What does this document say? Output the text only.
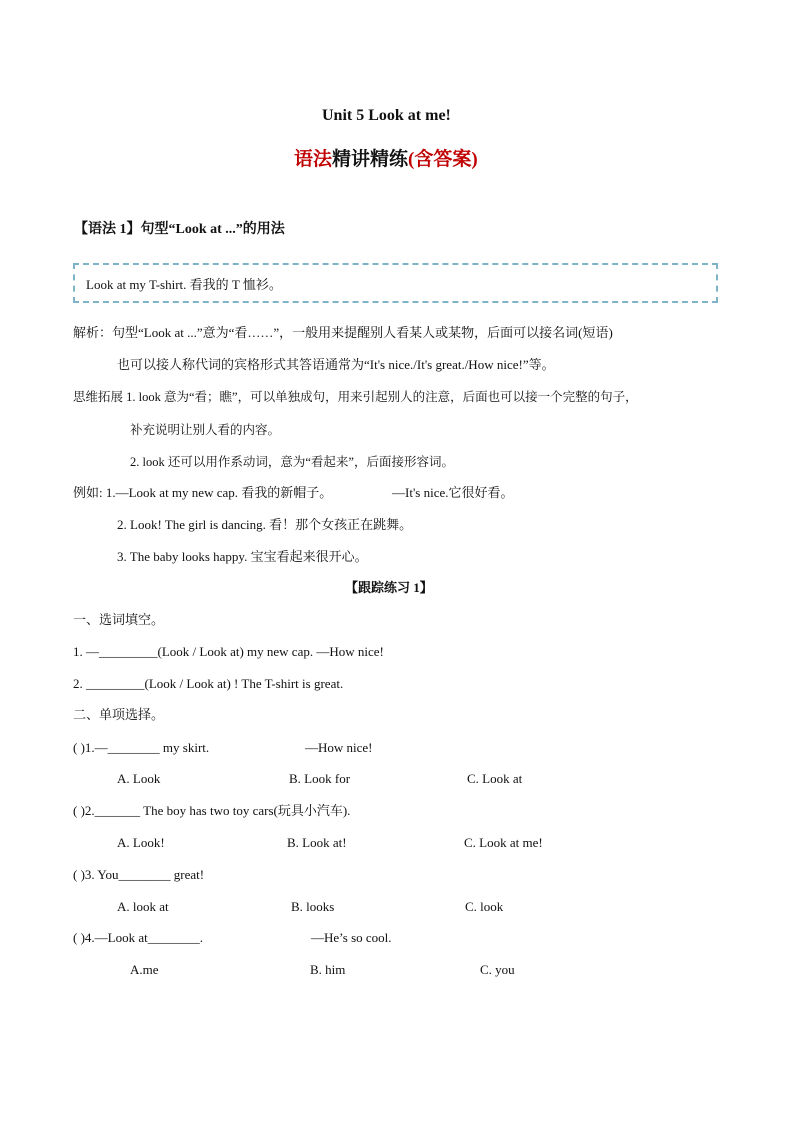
Unit 5 Look at me!
语法精讲精练(含答案)
【语法 1】句型“Look at ...”的用法
Look at my T-shirt. 看我的 T 恤衫。
解析：句型“Look at ...”意为“看……”，一般用来提醒别人看某人或某物，后面可以接名词(短语)
也可以接人称代词的宾格形式其答语通常为“It's nice./It's great./How nice!”等。
思维拓展 1. look 意为“看；瞧”，可以单独成句，用来引起别人的注意，后面也可以接一个完整的句子，
补充说明让别人看的内容。
2. look 还可以用作系动词，意为“看起来”，后面接形容词。
例如: 1.—Look at my new cap. 看我的新帽子。	—It's nice.它很好看。
2. Look! The girl is dancing. 看！那个女孩正在跳舞。
3. The baby looks happy. 宝宝看起来很开心。
【跟踪练习 1】
一、选词填空。
1. —_________(Look / Look at) my new cap. —How nice!
2. _________(Look / Look at) ! The T-shirt is great.
二、单项选择。
( )1.—________ my skirt.	—How nice!
A. Look	B. Look for	C. Look at
( )2._______ The boy has two toy cars(玩具小汽车).
A. Look!	B. Look at!	C. Look at me!
( )3. You________ great!
A. look at	B. looks	C. look
( )4.—Look at________.	—He’s so cool.
A.me	B. him	C. you
